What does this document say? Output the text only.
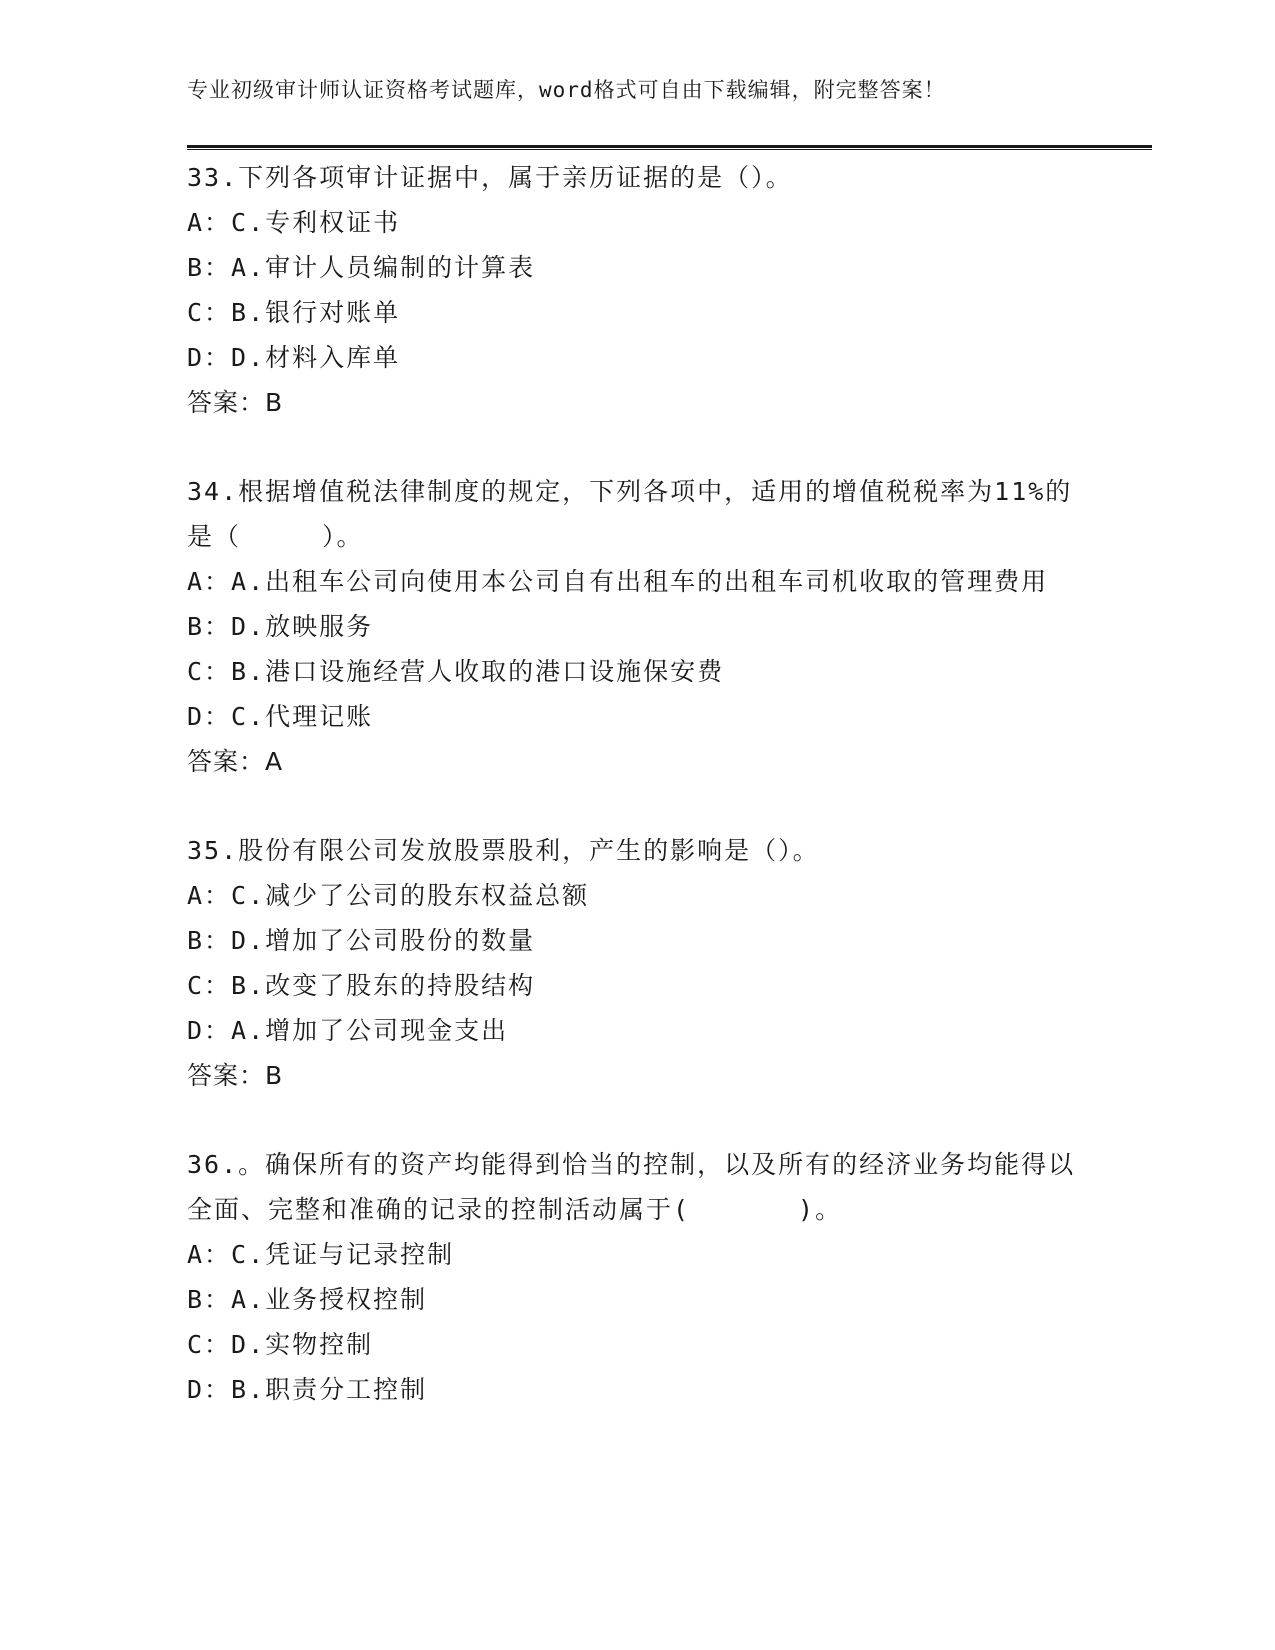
专业初级审计师认证资格考试题库，word格式可自由下载编辑，附完整答案！

33.下列各项审计证据中，属于亲历证据的是（）。

A：C.专利权证书

B：A.审计人员编制的计算表

C：B.银行对账单

D：D.材料入库单

答案：B

34.根据增值税法律制度的规定，下列各项中，适用的增值税税率为11%的是（　　　）。

A：A.出租车公司向使用本公司自有出租车的出租车司机收取的管理费用

B：D.放映服务

C：B.港口设施经营人收取的港口设施保安费

D：C.代理记账

答案：A

35.股份有限公司发放股票股利，产生的影响是（）。

A：C.减少了公司的股东权益总额

B：D.增加了公司股份的数量

C：B.改变了股东的持股结构

D：A.增加了公司现金支出

答案：B

36.。确保所有的资产均能得到恰当的控制，以及所有的经济业务均能得以全面、完整和准确的记录的控制活动属于(　　　　)。

A：C.凭证与记录控制

B：A.业务授权控制

C：D.实物控制

D：B.职责分工控制
